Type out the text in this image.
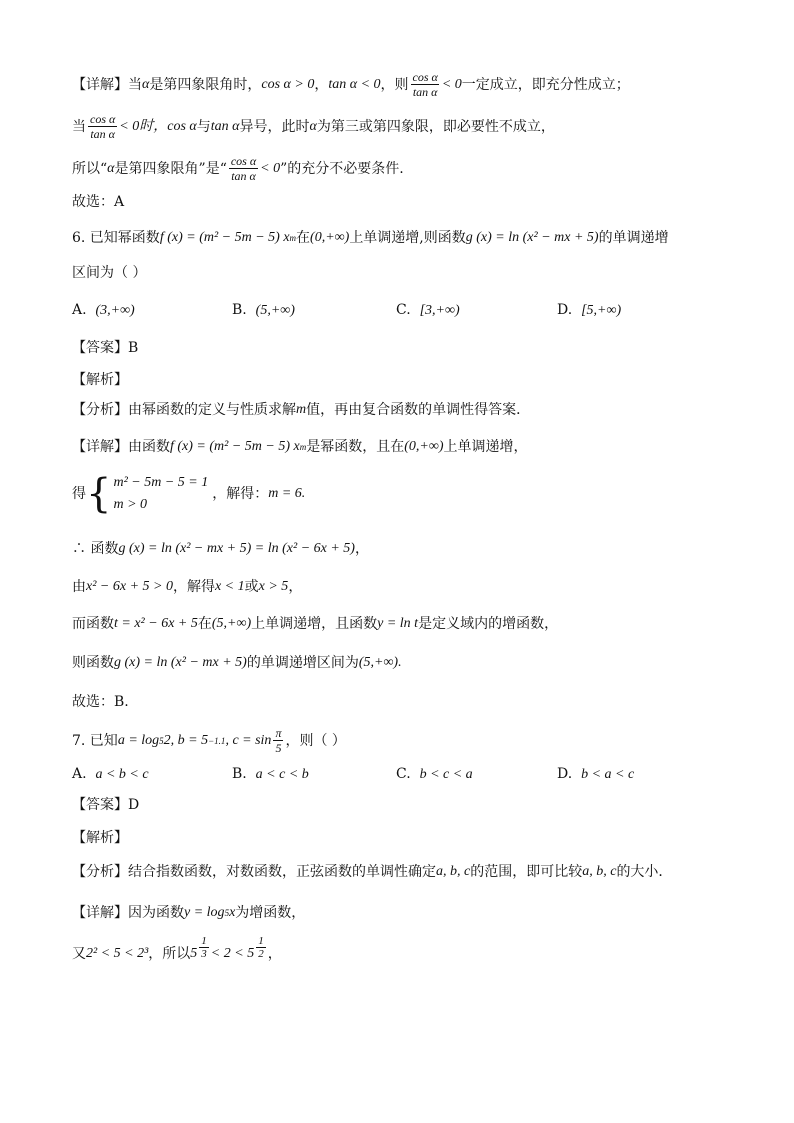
【详解】当 α 是第四象限角时， cos α > 0 ， tan α < 0 ，则 $\frac{\text{cos α}}{\text{tan α}} < 0$ 一定成立，即充分性成立；
当 $\frac{\text{cos α}}{\text{tan α}} < 0$时， cos α 与 tan α 异号，此时 α 为第三或第四象限，即必要性不成立，
所以“ α 是第四象限角”是“ $\frac{\text{cos α}}{\text{tan α}} < 0$ ”的充分不必要条件.
故选：A
6. 已知幂函数 f (x) = (m² − 5m − 5) x m 在 (0,+∞) 上单调递增,则函数 g (x) = ln (x² − mx + 5) 的单调递增
区间为（ ）
A. (3,+∞)	B. (5,+∞)	C. [3,+∞)	D. [5,+∞)
【答案】B
【解析】
【分析】由幂函数的定义与性质求解 m 值，再由复合函数的单调性得答案．
【详解】由函数 f (x) = (m² − 5m − 5) x m 是幂函数，且在 (0,+∞) 上单调递增，
得 { m² − 5m − 5 = 1
m > 0
，解得： m = 6.
∴ 函数 g (x) = ln (x² − mx + 5) = ln (x² − 6x + 5) ，
由 x² − 6x + 5 > 0 ，解得 x < 1 或 x > 5 ，
而函数 t = x² − 6x + 5 在 (5,+∞) 上单调递增，且函数 y = ln t 是定义域内的增函数，
则函数 g (x) = ln (x² − mx + 5) 的单调递增区间为 (5,+∞).
故选：B.
7. 已知 a = log 5 2, b = 5 −1.1 , $c = \sin \frac{\pi}{5}$ ，则（ ）
A. a < b < c	B. a < c < b	C. b < c < a	D. b < a < c
【答案】D
【解析】
【分析】结合指数函数，对数函数，正弦函数的单调性确定 a, b, c 的范围，即可比较 a, b, c 的大小．
【详解】因为函数 y = log 5 x 为增函数，
又 2² < 5 < 2³ ，所以 $5 \frac{1}{3} < 2 < 5 \frac{1}{2}$ ，
